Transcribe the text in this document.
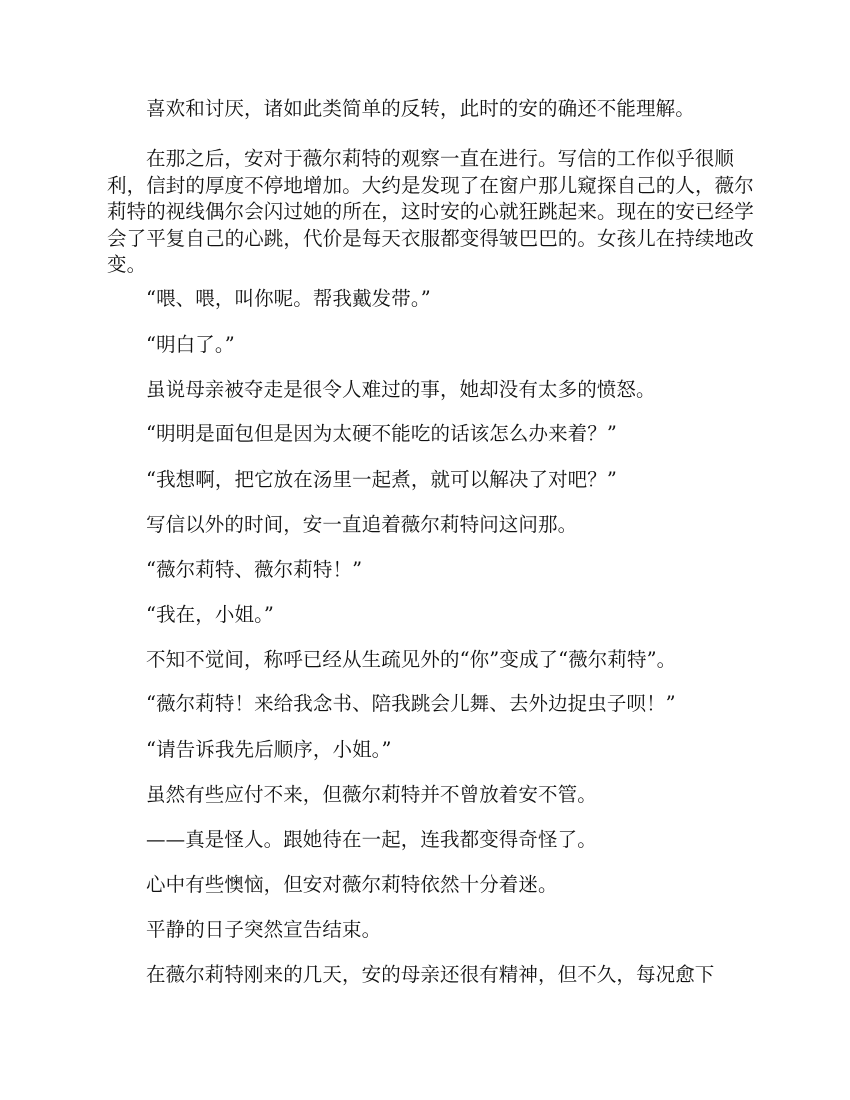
喜欢和讨厌，诸如此类简单的反转，此时的安的确还不能理解。

在那之后，安对于薇尔莉特的观察一直在进行。写信的工作似乎很顺利，信封的厚度不停地增加。大约是发现了在窗户那儿窥探自己的人，薇尔莉特的视线偶尔会闪过她的所在，这时安的心就狂跳起来。现在的安已经学会了平复自己的心跳，代价是每天衣服都变得皱巴巴的。女孩儿在持续地改变。

“喂、喂，叫你呢。帮我戴发带。”

“明白了。”

虽说母亲被夺走是很令人难过的事，她却没有太多的愤怒。

“明明是面包但是因为太硬不能吃的话该怎么办来着？”

“我想啊，把它放在汤里一起煮，就可以解决了对吧？”

写信以外的时间，安一直追着薇尔莉特问这问那。

“薇尔莉特、薇尔莉特！”

“我在，小姐。”

不知不觉间，称呼已经从生疏见外的“你”变成了“薇尔莉特”。

“薇尔莉特！来给我念书、陪我跳会儿舞、去外边捉虫子呗！”

“请告诉我先后顺序，小姐。”

虽然有些应付不来，但薇尔莉特并不曾放着安不管。

——真是怪人。跟她待在一起，连我都变得奇怪了。

心中有些懊恼，但安对薇尔莉特依然十分着迷。

平静的日子突然宣告结束。

在薇尔莉特刚来的几天，安的母亲还很有精神，但不久，每况愈下
